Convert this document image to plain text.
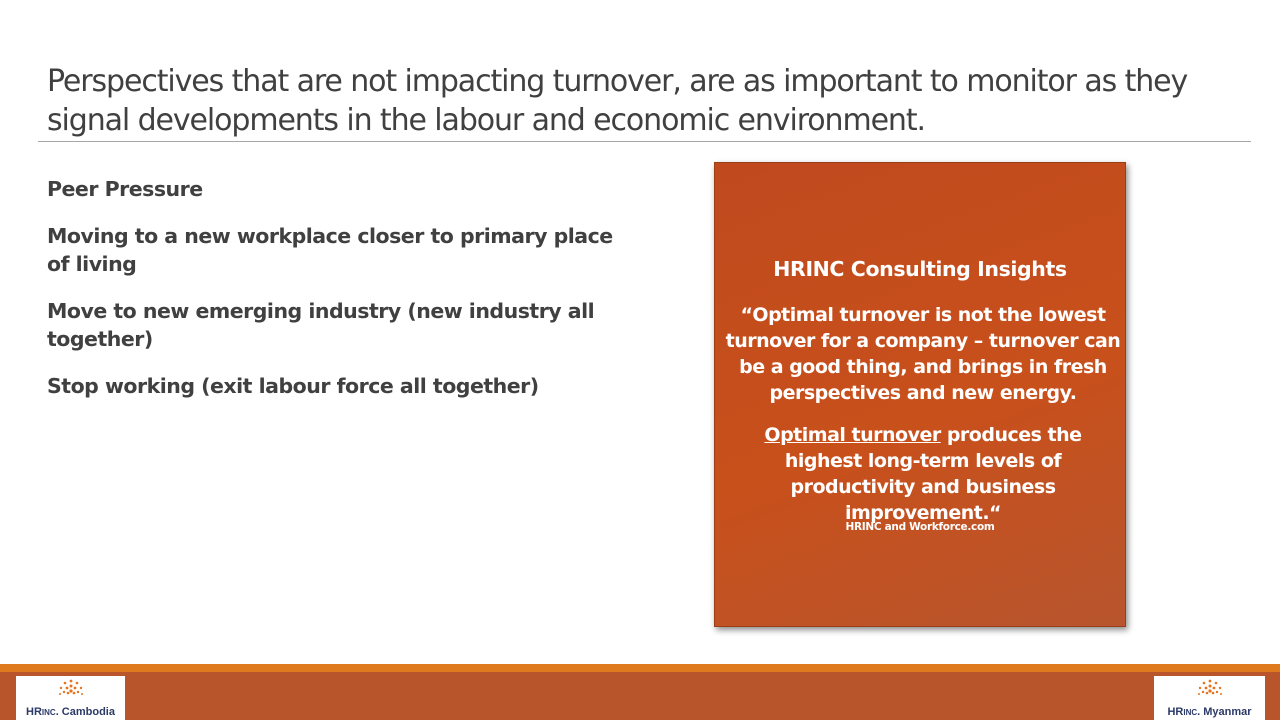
Perspectives that are not impacting turnover, are as important to monitor as they signal developments in the labour and economic environment.
Peer Pressure
Moving to a new workplace closer to primary place of living
Move to new emerging industry (new industry all together)
Stop working (exit labour force all together)
HRINC Consulting Insights

“Optimal turnover is not the lowest turnover for a company – turnover can be a good thing, and brings in fresh perspectives and new energy.

Optimal turnover produces the highest long-term levels of productivity and business improvement.“

HRINC and Workforce.com
HRINC. Cambodia	HRINC. Myanmar
